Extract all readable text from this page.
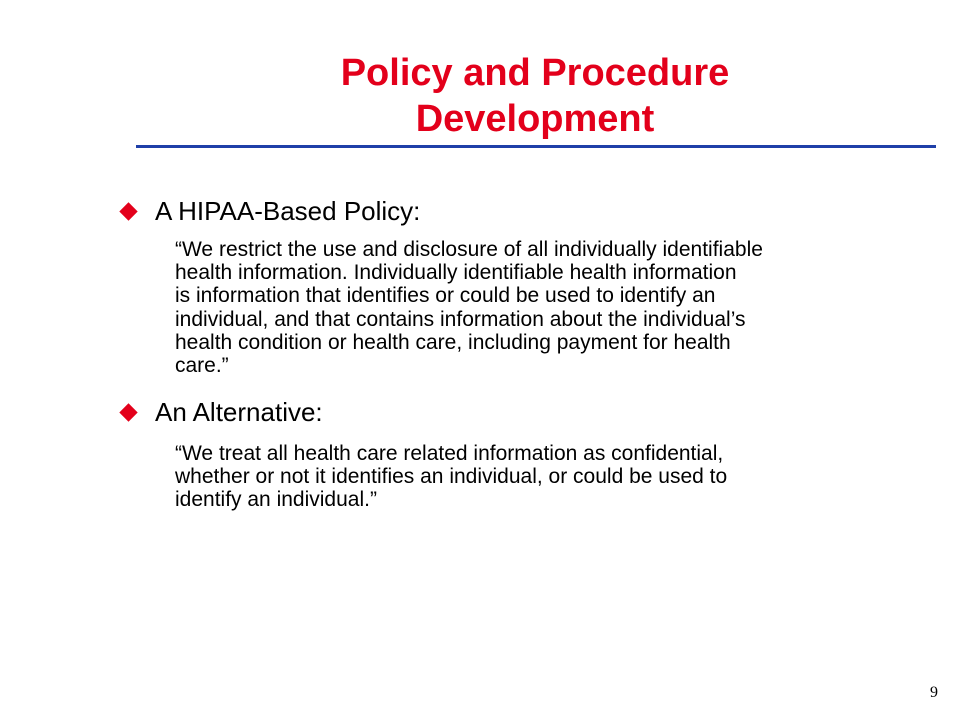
Policy and Procedure
Development
A HIPAA-Based Policy:
“We restrict the use and disclosure of all individually identifiable
health information. Individually identifiable health information
is information that identifies or could be used to identify an
individual, and that contains information about the individual’s
health condition or health care, including payment for health
care.”
An Alternative:
“We treat all health care related information as confidential,
whether or not it identifies an individual, or could be used to
identify an individual.”
9
